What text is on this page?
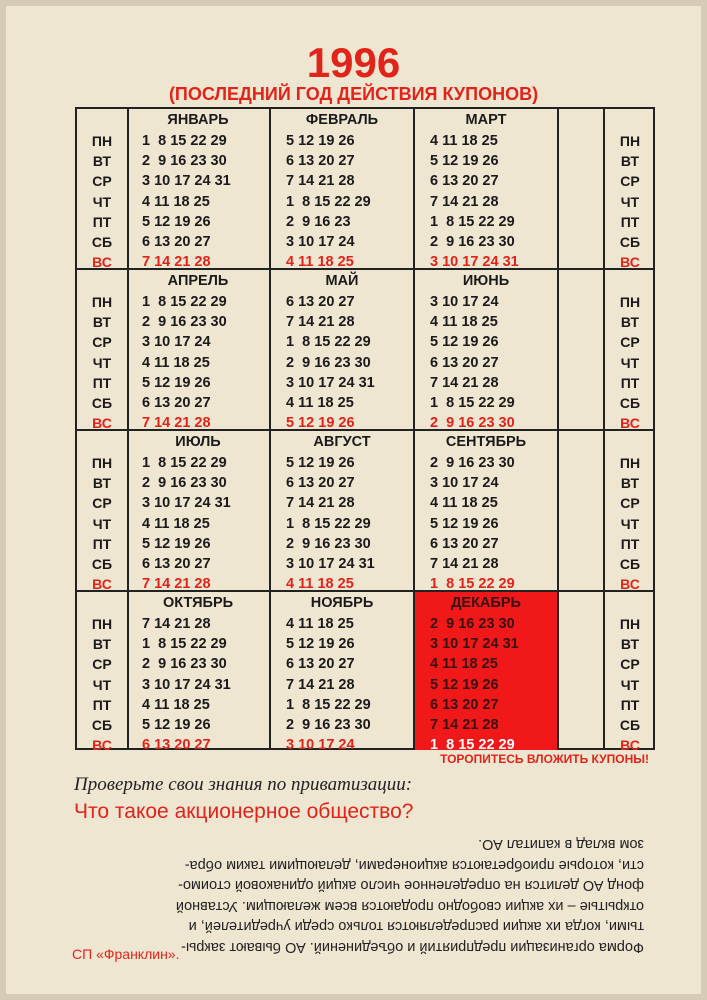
1996
(ПОСЛЕДНИЙ ГОД ДЕЙСТВИЯ КУПОНОВ)
ПН
ВТ
СР
ЧТ
ПТ
СБ
ВС
ПН
ВТ
СР
ЧТ
ПТ
СБ
ВС
ЯНВАРЬ
1  8 15 22 29
2  9 16 23 30
3 10 17 24 31
4 11 18 25
5 12 19 26
6 13 20 27
7 14 21 28
ФЕВРАЛЬ
5 12 19 26
6 13 20 27
7 14 21 28
1  8 15 22 29
2  9 16 23
3 10 17 24
4 11 18 25
МАРТ
4 11 18 25
5 12 19 26
6 13 20 27
7 14 21 28
1  8 15 22 29
2  9 16 23 30
3 10 17 24 31
ПН
ВТ
СР
ЧТ
ПТ
СБ
ВС
ПН
ВТ
СР
ЧТ
ПТ
СБ
ВС
АПРЕЛЬ
1  8 15 22 29
2  9 16 23 30
3 10 17 24
4 11 18 25
5 12 19 26
6 13 20 27
7 14 21 28
МАЙ
6 13 20 27
7 14 21 28
1  8 15 22 29
2  9 16 23 30
3 10 17 24 31
4 11 18 25
5 12 19 26
ИЮНЬ
3 10 17 24
4 11 18 25
5 12 19 26
6 13 20 27
7 14 21 28
1  8 15 22 29
2  9 16 23 30
ПН
ВТ
СР
ЧТ
ПТ
СБ
ВС
ПН
ВТ
СР
ЧТ
ПТ
СБ
ВС
ИЮЛЬ
1  8 15 22 29
2  9 16 23 30
3 10 17 24 31
4 11 18 25
5 12 19 26
6 13 20 27
7 14 21 28
АВГУСТ
5 12 19 26
6 13 20 27
7 14 21 28
1  8 15 22 29
2  9 16 23 30
3 10 17 24 31
4 11 18 25
СЕНТЯБРЬ
2  9 16 23 30
3 10 17 24
4 11 18 25
5 12 19 26
6 13 20 27
7 14 21 28
1  8 15 22 29
ПН
ВТ
СР
ЧТ
ПТ
СБ
ВС
ПН
ВТ
СР
ЧТ
ПТ
СБ
ВС
ОКТЯБРЬ
7 14 21 28
1  8 15 22 29
2  9 16 23 30
3 10 17 24 31
4 11 18 25
5 12 19 26
6 13 20 27
НОЯБРЬ
4 11 18 25
5 12 19 26
6 13 20 27
7 14 21 28
1  8 15 22 29
2  9 16 23 30
3 10 17 24
ДЕКАБРЬ
2  9 16 23 30
3 10 17 24 31
4 11 18 25
5 12 19 26
6 13 20 27
7 14 21 28
1  8 15 22 29
ТОРОПИТЕСЬ ВЛОЖИТЬ КУПОНЫ!
Проверьте свои знания по приватизации:
Что такое акционерное общество?
Форма организации предприятий и объединений. АО бывают закры-
тыми, когда их акции распределяются только среди учредителей, и
открытые – их акции свободно продаются всем желающим. Уставной
фонд АО делится на определенное число акций одинаковой стоимо-
сти, которые приобретаются акционерами, делающими таким обра-
зом вклад в капитал АО.
СП «Франклин».
